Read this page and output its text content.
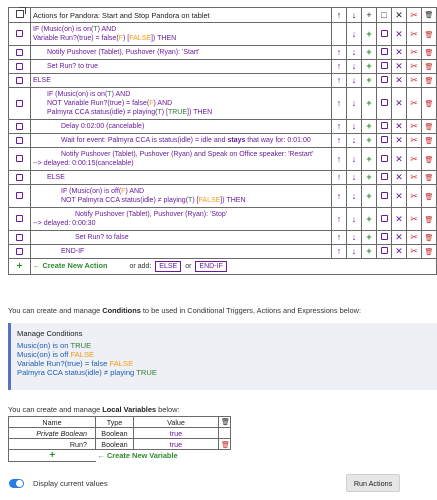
	Actions for Pandora: Start and Stop Pandora on tablet	↑	↓	+	□	✕	✂	🗑

	IF (Music(on) is on(T) AND
Variable Run?(true) = false(F) [FALSE]) THEN		↓	+		✕	✂	🗑

	Notify Pushover (Tablet), Pushover (Ryan): 'Start'	↑	↓	+		✕	✂	🗑

	Set Run? to true	↑	↓	+		✕	✂	🗑

	ELSE	↑	↓	+		✕	✂	🗑

	IF (Music(on) is on(T) AND
NOT Variable Run?(true) = false(F) AND
Palmyra CCA status(idle) ≠ playing(T) [TRUE]) THEN	↑	↓	+		✕	✂	🗑

	Delay 0:02:00 (cancelable)	↑	↓	+		✕	✂	🗑

	Wait for event: Palmyra CCA is status(idle) = idle and stays that way for: 0:01:00	↑	↓	+		✕	✂	🗑

	Notify Pushover (Tablet), Pushover (Ryan) and Speak on Office speaker: 'Restart'
--> delayed: 0:00:15(cancelable)	↑	↓	+		✕	✂	🗑

	ELSE	↑	↓	+		✕	✂	🗑

	IF (Music(on) is off(F) AND
NOT Palmyra CCA status(idle) ≠ playing(T) [FALSE]) THEN	↑	↓	+		✕	✂	🗑

	Notify Pushover (Tablet), Pushover (Ryan): 'Stop'
--> delayed: 0:00:30	↑	↓	+		✕	✂	🗑

	Set Run? to false	↑	↓	+		✕	✂	🗑

	END-IF	↑	↓	+		✕	✂	🗑
+	← Create New Action or add: ELSE or END-IF							
You can create and manage Conditions to be used in Conditional Triggers, Actions and Expressions below:
Manage Conditions
Music(on) is on TRUE
Music(on) is off FALSE
Variable Run?(true) = false FALSE
Palmyra CCA status(idle) ≠ playing TRUE
You can create and manage Local Variables below:
Name	Type	Value	🗑
Private Boolean	Boolean	true	
Run?	Boolean	true	🗑
+	← Create New Variable		
Display current values	Run Actions
